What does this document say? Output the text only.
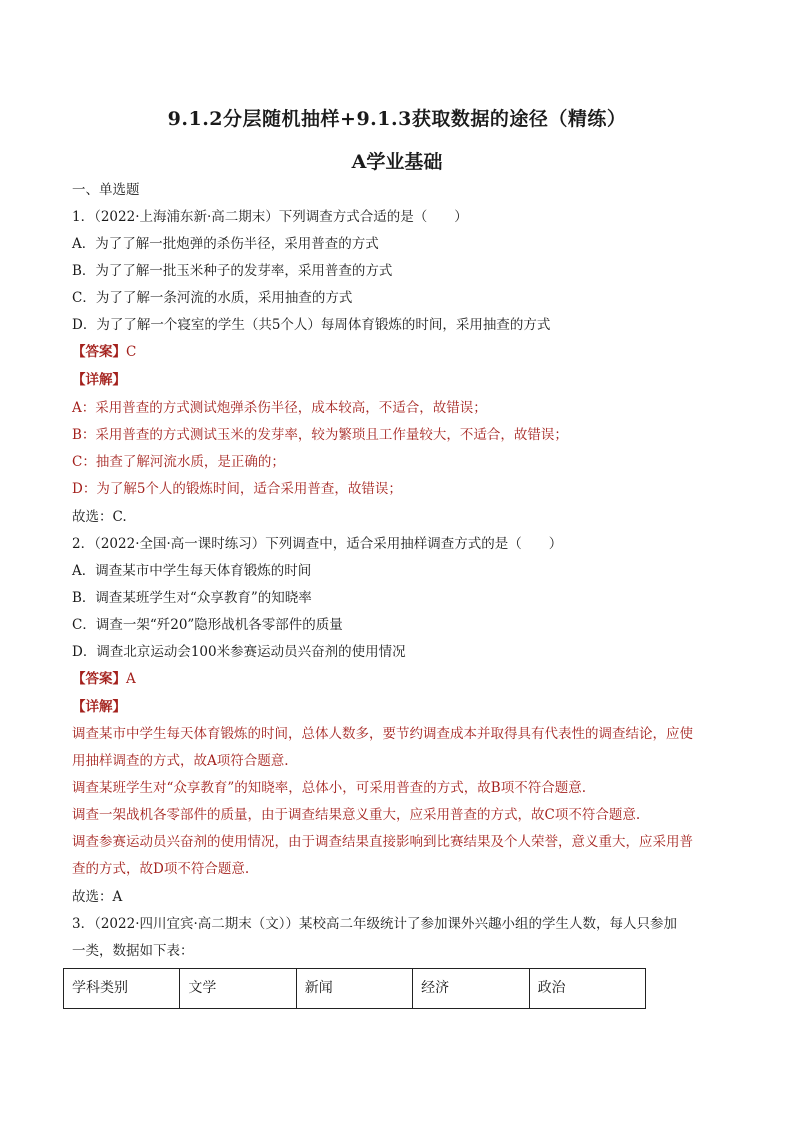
9.1.2分层随机抽样+9.1.3获取数据的途径（精练）
A学业基础
一、单选题
1．（2022·上海浦东新·高二期末）下列调查方式合适的是（　　）
A．为了了解一批炮弹的杀伤半径，采用普查的方式
B．为了了解一批玉米种子的发芽率，采用普查的方式
C．为了了解一条河流的水质，采用抽查的方式
D．为了了解一个寝室的学生（共5个人）每周体育锻炼的时间，采用抽查的方式
【答案】C
【详解】
A：采用普查的方式测试炮弹杀伤半径，成本较高，不适合，故错误；
B：采用普查的方式测试玉米的发芽率，较为繁琐且工作量较大，不适合，故错误；
C：抽查了解河流水质，是正确的；
D：为了解5个人的锻炼时间，适合采用普查，故错误；
故选：C.
2．（2022·全国·高一课时练习）下列调查中，适合采用抽样调查方式的是（　　）
A．调查某市中学生每天体育锻炼的时间
B．调查某班学生对“众享教育”的知晓率
C．调查一架“歼20”隐形战机各零部件的质量
D．调查北京运动会100米参赛运动员兴奋剂的使用情况
【答案】A
【详解】
调查某市中学生每天体育锻炼的时间，总体人数多，要节约调查成本并取得具有代表性的调查结论，应使
用抽样调查的方式，故A项符合题意.
调查某班学生对“众享教育”的知晓率，总体小，可采用普查的方式，故B项不符合题意.
调查一架战机各零部件的质量，由于调查结果意义重大，应采用普查的方式，故C项不符合题意.
调查参赛运动员兴奋剂的使用情况，由于调查结果直接影响到比赛结果及个人荣誉，意义重大，应采用普
查的方式，故D项不符合题意.
故选：A
3．（2022·四川宜宾·高二期末（文））某校高二年级统计了参加课外兴趣小组的学生人数，每人只参加
一类，数据如下表：
学科类别	文学	新闻	经济	政治
